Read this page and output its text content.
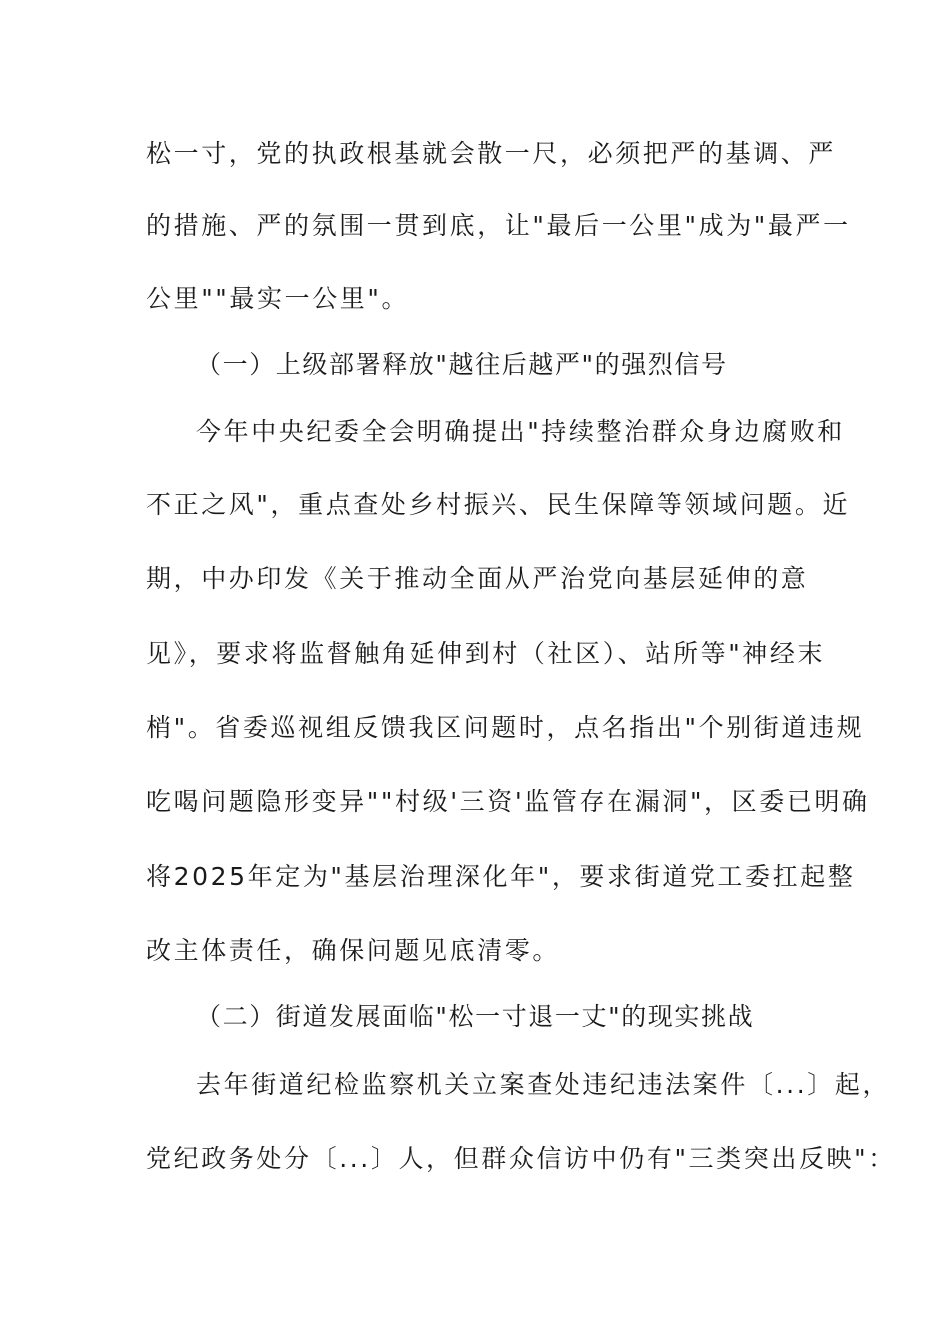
松一寸，党的执政根基就会散一尺，必须把严的基调、严
的措施、严的氛围一贯到底，让"最后一公里"成为"最严一
公里""最实一公里"。
（一）上级部署释放"越往后越严"的强烈信号
今年中央纪委全会明确提出"持续整治群众身边腐败和
不正之风"，重点查处乡村振兴、民生保障等领域问题。近
期，中办印发《关于推动全面从严治党向基层延伸的意
见》，要求将监督触角延伸到村（社区）、站所等"神经末
梢"。省委巡视组反馈我区问题时，点名指出"个别街道违规
吃喝问题隐形变异""村级'三资'监管存在漏洞"，区委已明确
将2025年定为"基层治理深化年"，要求街道党工委扛起整
改主体责任，确保问题见底清零。
（二）街道发展面临"松一寸退一丈"的现实挑战
去年街道纪检监察机关立案查处违纪违法案件〔...〕起，
党纪政务处分〔...〕人，但群众信访中仍有"三类突出反映"：
